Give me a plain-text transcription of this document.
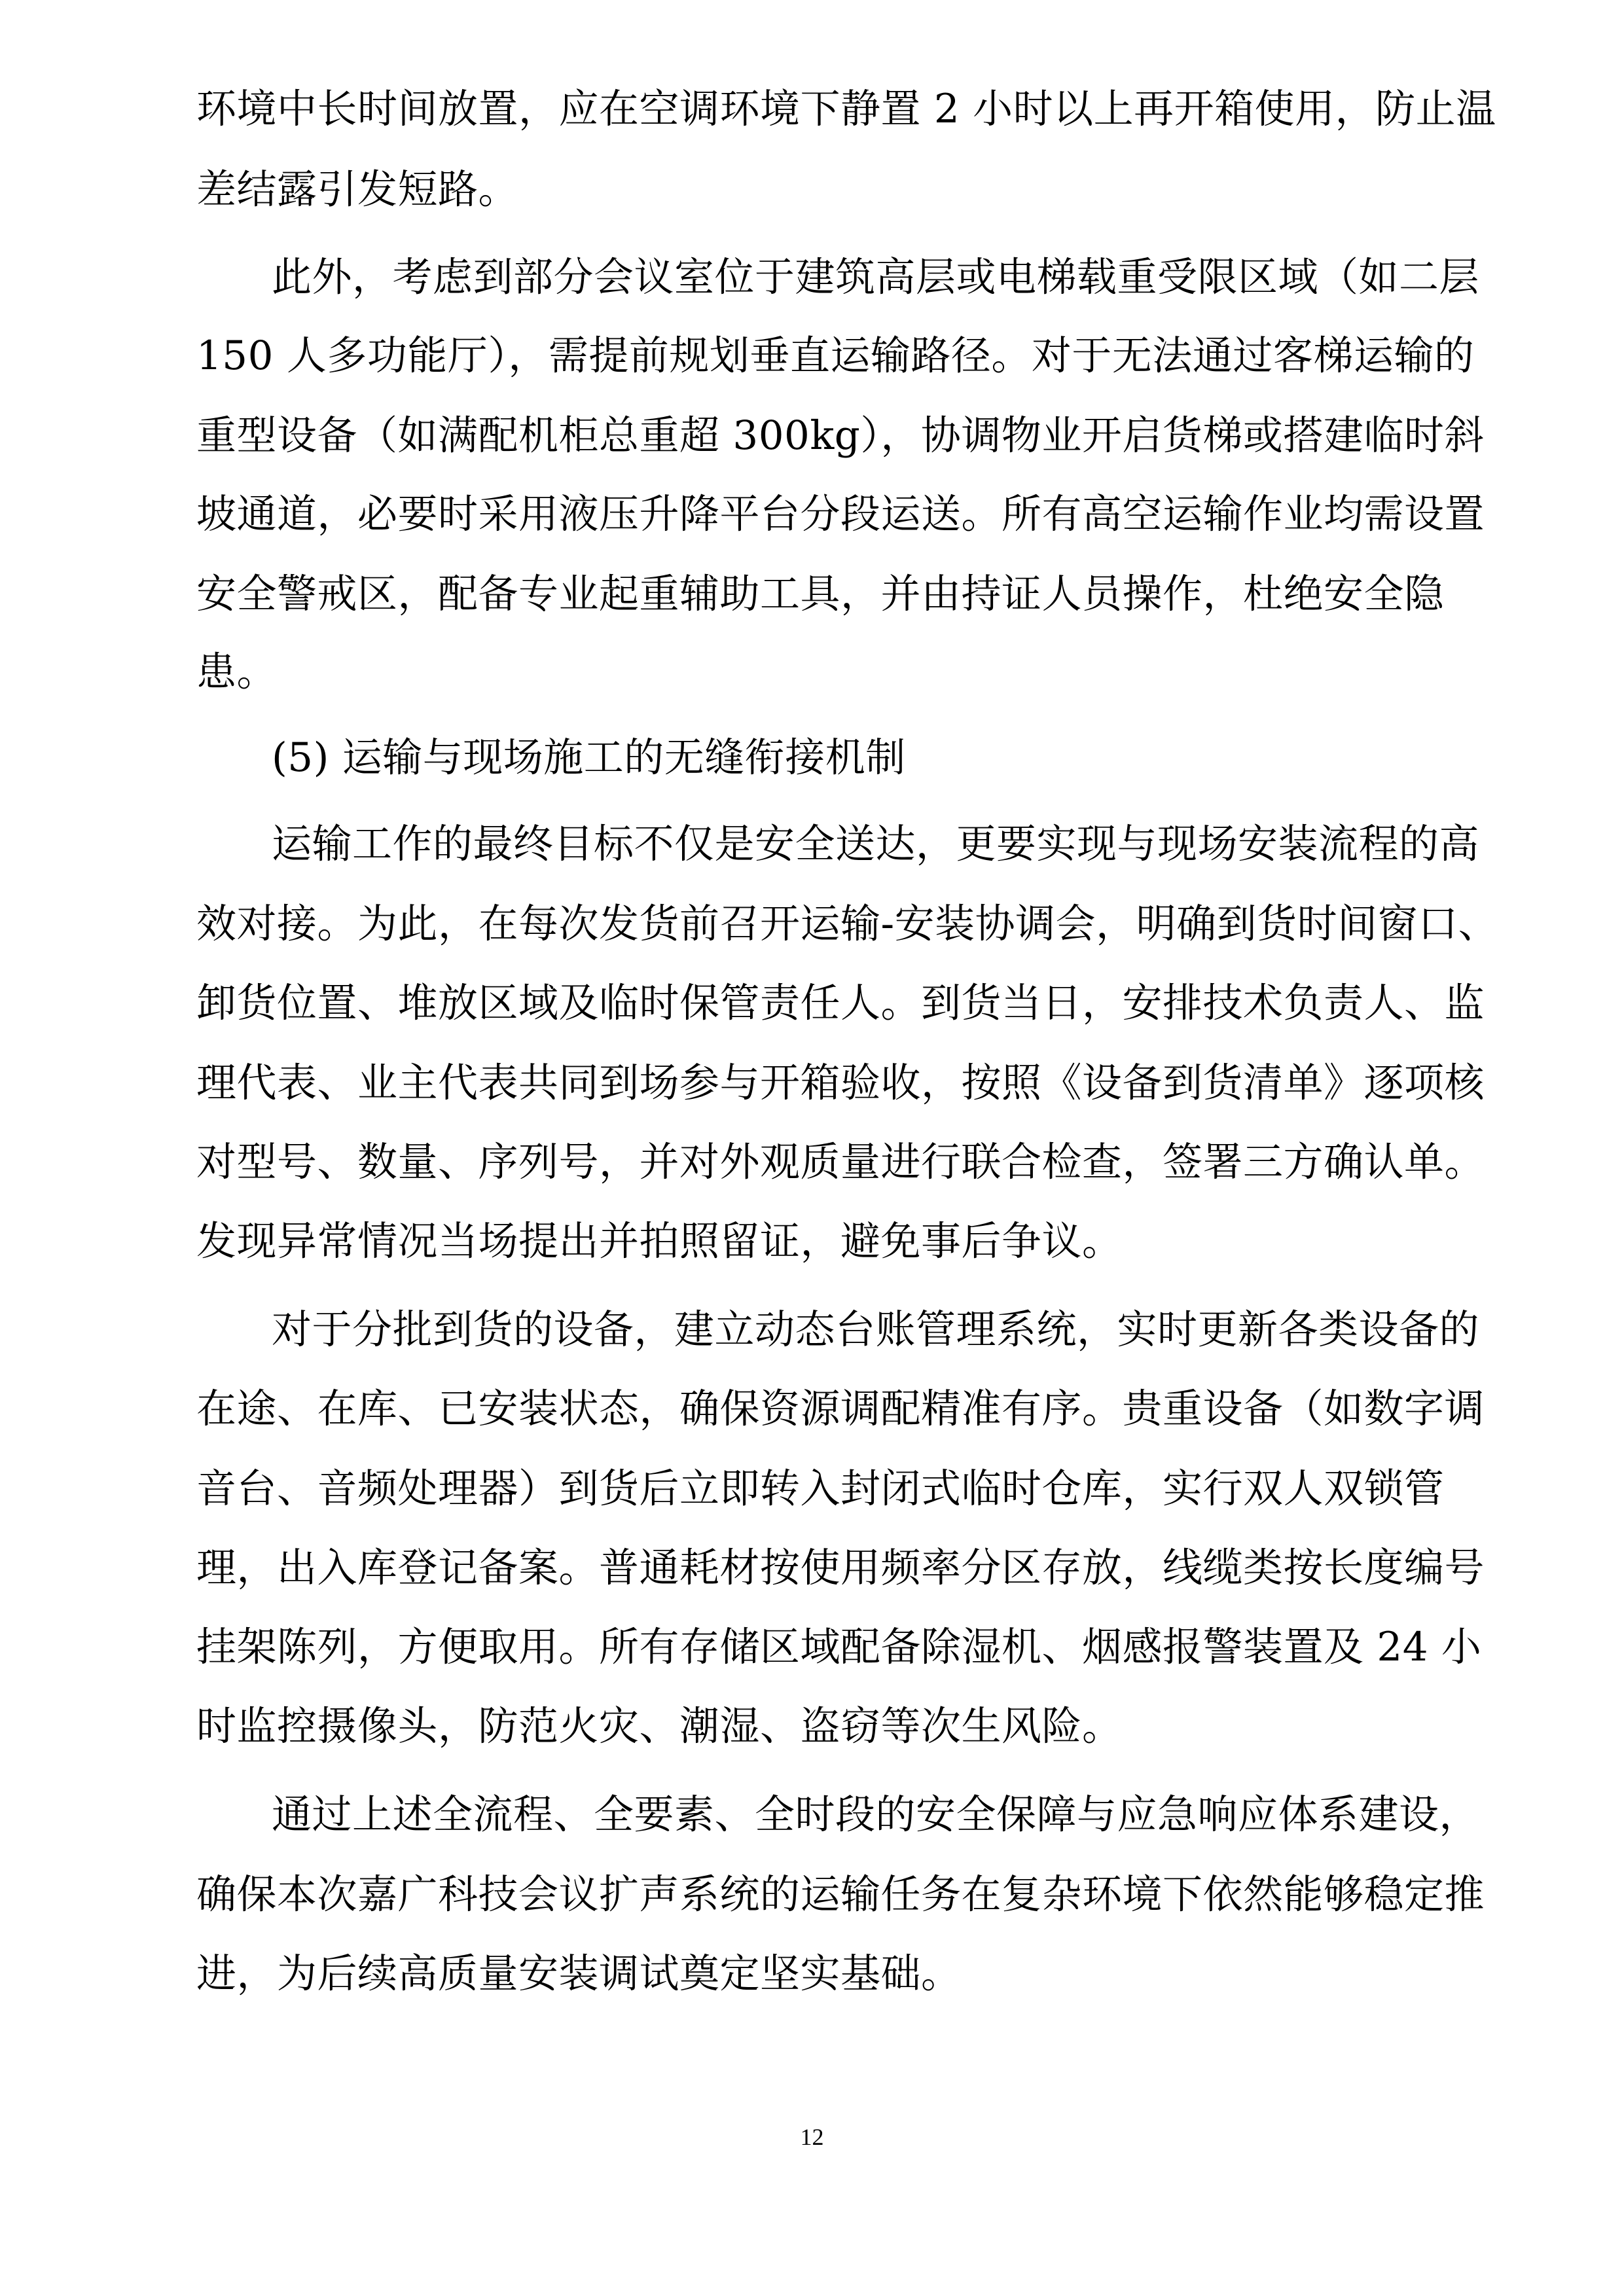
环境中长时间放置，应在空调环境下静置 2 小时以上再开箱使用，防止温
差结露引发短路。
此外，考虑到部分会议室位于建筑高层或电梯载重受限区域（如二层
150 人多功能厅），需提前规划垂直运输路径。对于无法通过客梯运输的
重型设备（如满配机柜总重超 300kg），协调物业开启货梯或搭建临时斜
坡通道，必要时采用液压升降平台分段运送。所有高空运输作业均需设置
安全警戒区，配备专业起重辅助工具，并由持证人员操作，杜绝安全隐
患。
(5) 运输与现场施工的无缝衔接机制
运输工作的最终目标不仅是安全送达，更要实现与现场安装流程的高
效对接。为此，在每次发货前召开运输-安装协调会，明确到货时间窗口、
卸货位置、堆放区域及临时保管责任人。到货当日，安排技术负责人、监
理代表、业主代表共同到场参与开箱验收，按照《设备到货清单》逐项核
对型号、数量、序列号，并对外观质量进行联合检查，签署三方确认单。
发现异常情况当场提出并拍照留证，避免事后争议。
对于分批到货的设备，建立动态台账管理系统，实时更新各类设备的
在途、在库、已安装状态，确保资源调配精准有序。贵重设备（如数字调
音台、音频处理器）到货后立即转入封闭式临时仓库，实行双人双锁管
理，出入库登记备案。普通耗材按使用频率分区存放，线缆类按长度编号
挂架陈列，方便取用。所有存储区域配备除湿机、烟感报警装置及 24 小
时监控摄像头，防范火灾、潮湿、盗窃等次生风险。
通过上述全流程、全要素、全时段的安全保障与应急响应体系建设，
确保本次嘉广科技会议扩声系统的运输任务在复杂环境下依然能够稳定推
进，为后续高质量安装调试奠定坚实基础。
12
